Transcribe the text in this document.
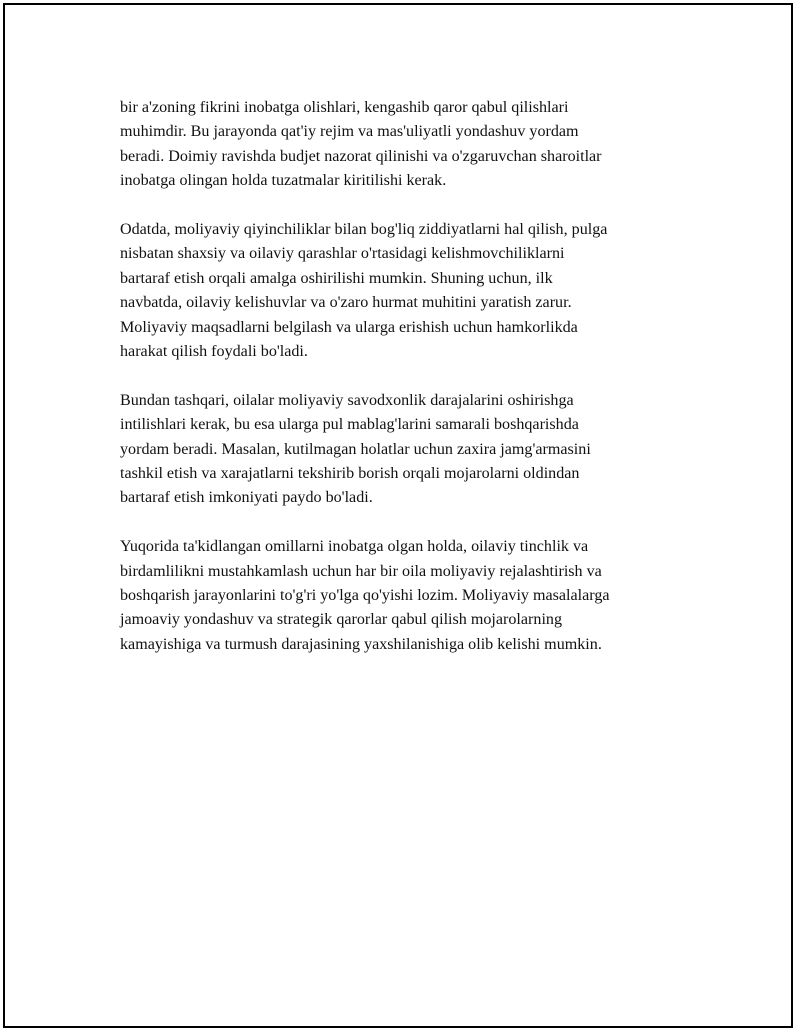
bir a'zoning fikrini inobatga olishlari, kengashib qaror qabul qilishlari
muhimdir. Bu jarayonda qat'iy rejim va mas'uliyatli yondashuv yordam
beradi. Doimiy ravishda budjet nazorat qilinishi va o'zgaruvchan sharoitlar
inobatga olingan holda tuzatmalar kiritilishi kerak.

Odatda, moliyaviy qiyinchiliklar bilan bog'liq ziddiyatlarni hal qilish, pulga
nisbatan shaxsiy va oilaviy qarashlar o'rtasidagi kelishmovchiliklarni
bartaraf etish orqali amalga oshirilishi mumkin. Shuning uchun, ilk
navbatda, oilaviy kelishuvlar va o'zaro hurmat muhitini yaratish zarur.
Moliyaviy maqsadlarni belgilash va ularga erishish uchun hamkorlikda
harakat qilish foydali bo'ladi.

Bundan tashqari, oilalar moliyaviy savodxonlik darajalarini oshirishga
intilishlari kerak, bu esa ularga pul mablag'larini samarali boshqarishda
yordam beradi. Masalan, kutilmagan holatlar uchun zaxira jamg'armasini
tashkil etish va xarajatlarni tekshirib borish orqali mojarolarni oldindan
bartaraf etish imkoniyati paydo bo'ladi.

Yuqorida ta'kidlangan omillarni inobatga olgan holda, oilaviy tinchlik va
birdamlilikni mustahkamlash uchun har bir oila moliyaviy rejalashtirish va
boshqarish jarayonlarini to'g'ri yo'lga qo'yishi lozim. Moliyaviy masalalarga
jamoaviy yondashuv va strategik qarorlar qabul qilish mojarolarning
kamayishiga va turmush darajasining yaxshilanishiga olib kelishi mumkin.
